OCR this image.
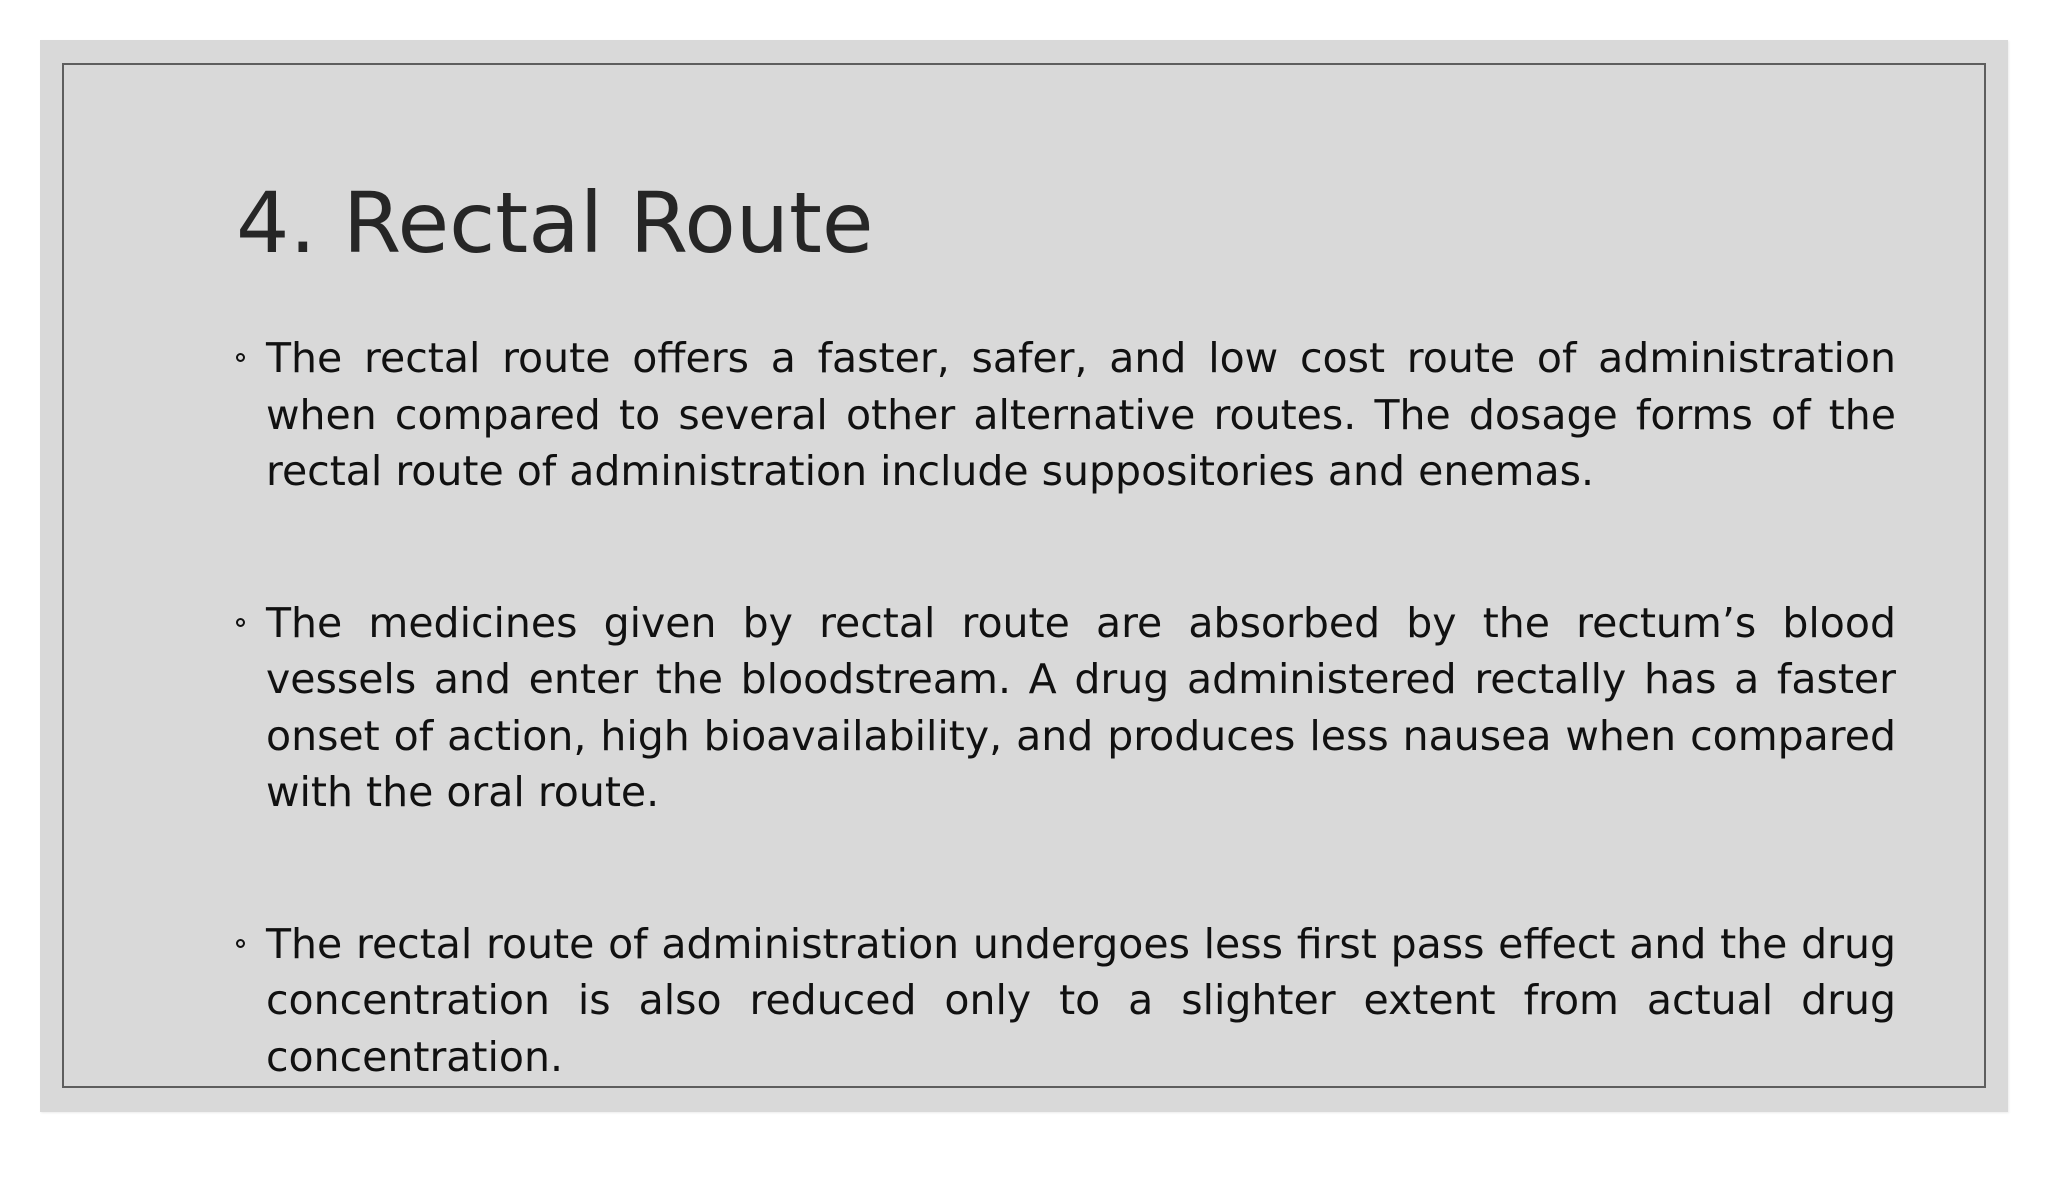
4. Rectal Route
The rectal route offers a faster, safer, and low cost route of administration when compared to several other alternative routes. The dosage forms of the rectal route of administration include suppositories and enemas.
The medicines given by rectal route are absorbed by the rectum’s blood vessels and enter the bloodstream. A drug administered rectally has a faster onset of action, high bioavailability, and produces less nausea when compared with the oral route.
The rectal route of administration undergoes less first pass effect and the drug concentration is also reduced only to a slighter extent from actual drug concentration.
